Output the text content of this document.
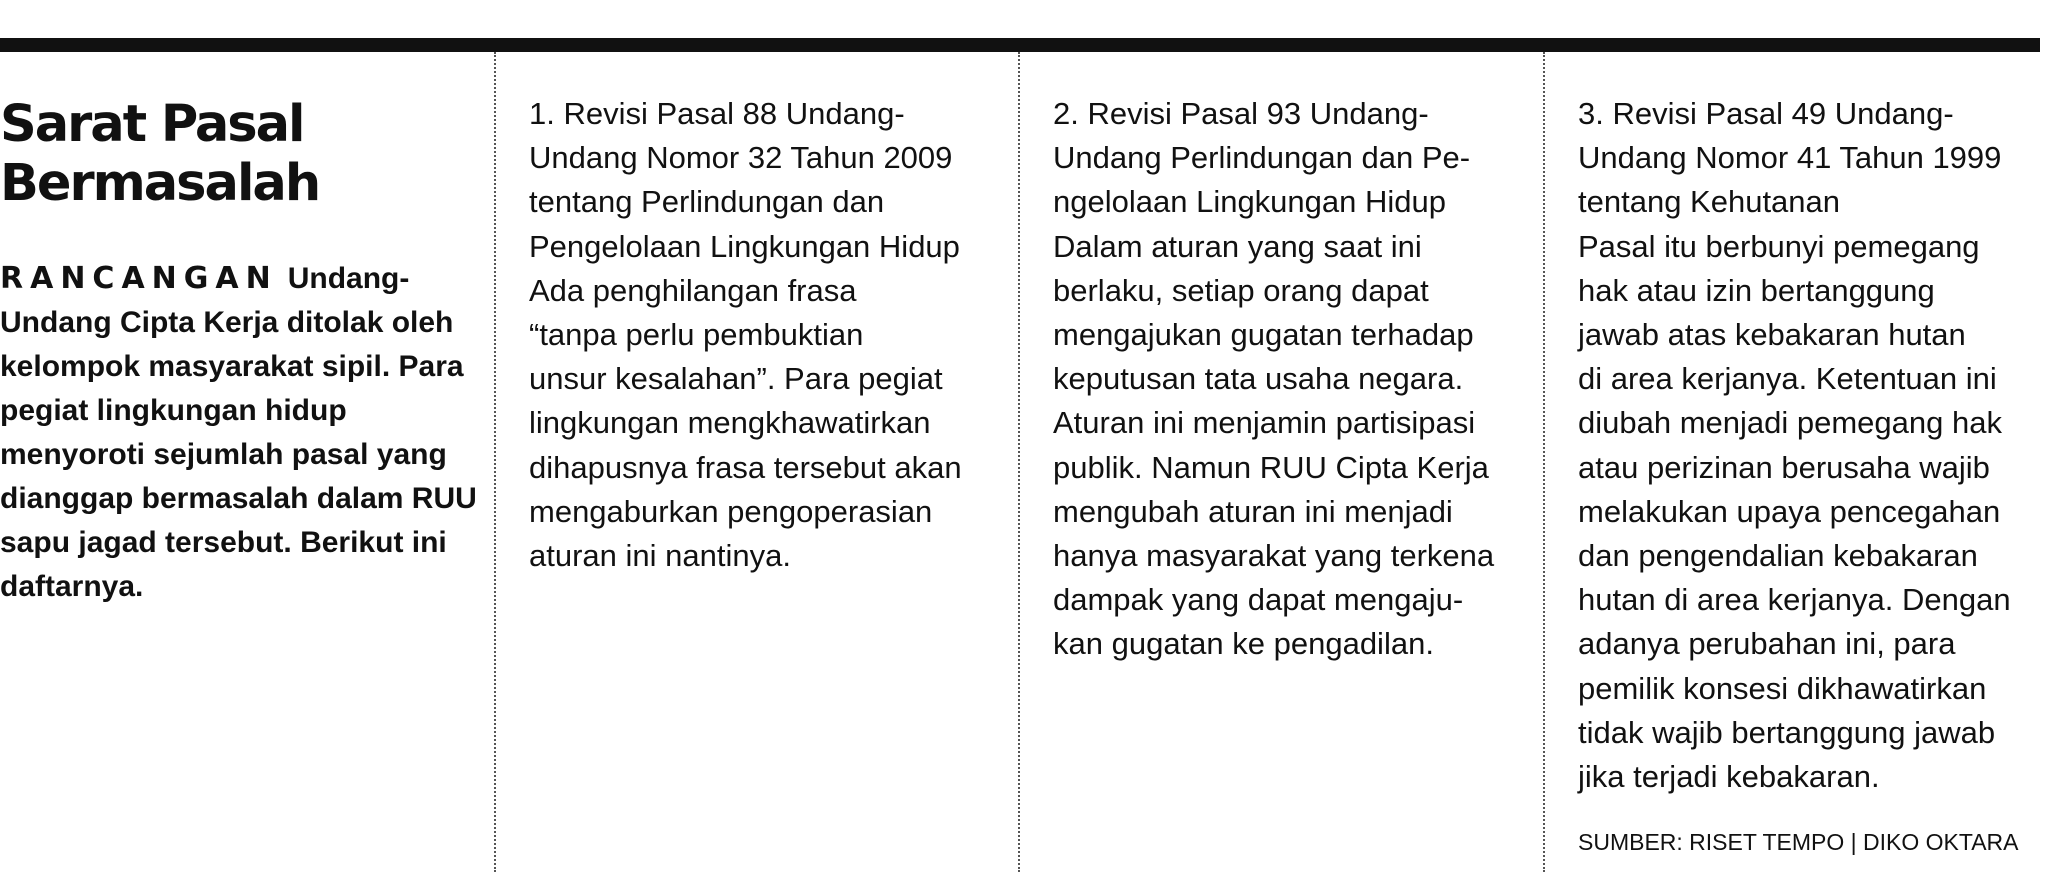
Sarat Pasal
Bermasalah

RANCANGAN Undang-Undang Cipta Kerja ditolak oleh kelompok masyarakat sipil. Para pegiat lingkungan hidup menyoroti sejumlah pasal yang dianggap bermasalah dalam RUU sapu jagad tersebut. Berikut ini daftarnya.

1. Revisi Pasal 88 Undang-
Undang Nomor 32 Tahun 2009
tentang Perlindungan dan
Pengelolaan Lingkungan Hidup
Ada penghilangan frasa
“tanpa perlu pembuktian
unsur kesalahan”. Para pegiat
lingkungan mengkhawatirkan
dihapusnya frasa tersebut akan
mengaburkan pengoperasian
aturan ini nantinya.

2. Revisi Pasal 93 Undang-
Undang Perlindungan dan Pe-
ngelolaan Lingkungan Hidup
Dalam aturan yang saat ini
berlaku, setiap orang dapat
mengajukan gugatan terhadap
keputusan tata usaha negara.
Aturan ini menjamin partisipasi
publik. Namun RUU Cipta Kerja
mengubah aturan ini menjadi
hanya masyarakat yang terkena
dampak yang dapat mengaju-
kan gugatan ke pengadilan.

3. Revisi Pasal 49 Undang-
Undang Nomor 41 Tahun 1999
tentang Kehutanan
Pasal itu berbunyi pemegang
hak atau izin bertanggung
jawab atas kebakaran hutan
di area kerjanya. Ketentuan ini
diubah menjadi pemegang hak
atau perizinan berusaha wajib
melakukan upaya pencegahan
dan pengendalian kebakaran
hutan di area kerjanya. Dengan
adanya perubahan ini, para
pemilik konsesi dikhawatirkan
tidak wajib bertanggung jawab
jika terjadi kebakaran.

SUMBER: RISET TEMPO | DIKO OKTARA
